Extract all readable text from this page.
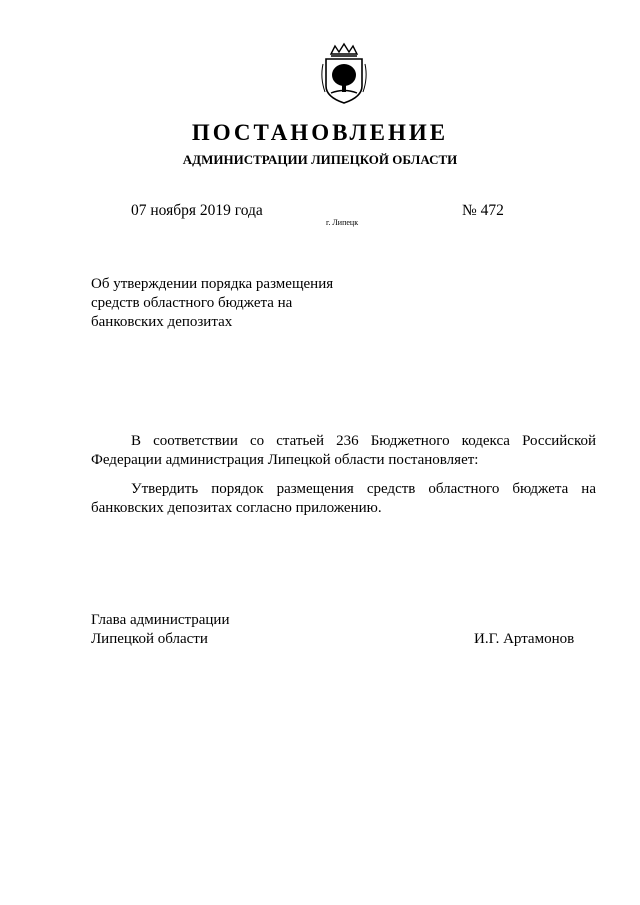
ПОСТАНОВЛЕНИЕ
АДМИНИСТРАЦИИ ЛИПЕЦКОЙ ОБЛАСТИ
07 ноября 2019 года
г. Липецк
№ 472
Об утверждении порядка размещения
средств областного бюджета на
банковских депозитах
В соответствии со статьей 236 Бюджетного кодекса Российской Федерации администрация Липецкой области постановляет:
Утвердить порядок размещения средств областного бюджета на банковских депозитах согласно приложению.
Глава администрации
Липецкой области	И.Г. Артамонов
